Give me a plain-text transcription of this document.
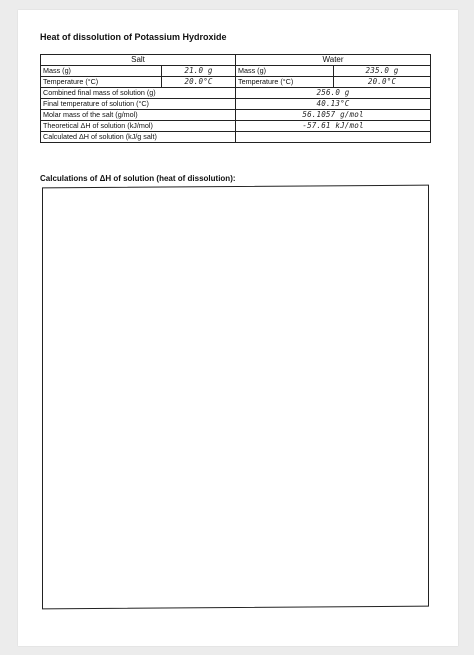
Heat of dissolution of Potassium Hydroxide
Salt		Water	
Mass (g)	21.0 g	Mass (g)	235.0 g
Temperature (°C)	20.0°C	Temperature (°C)	20.0°C
Combined final mass of solution (g)		256.0 g	
Final temperature of solution (°C)		40.13°C	
Molar mass of the salt (g/mol)		56.1057 g/mol	
Theoretical ΔH of solution (kJ/mol)		-57.61 kJ/mol	
Calculated ΔH of solution (kJ/g salt)			

Calculations of ΔH of solution (heat of dissolution):
